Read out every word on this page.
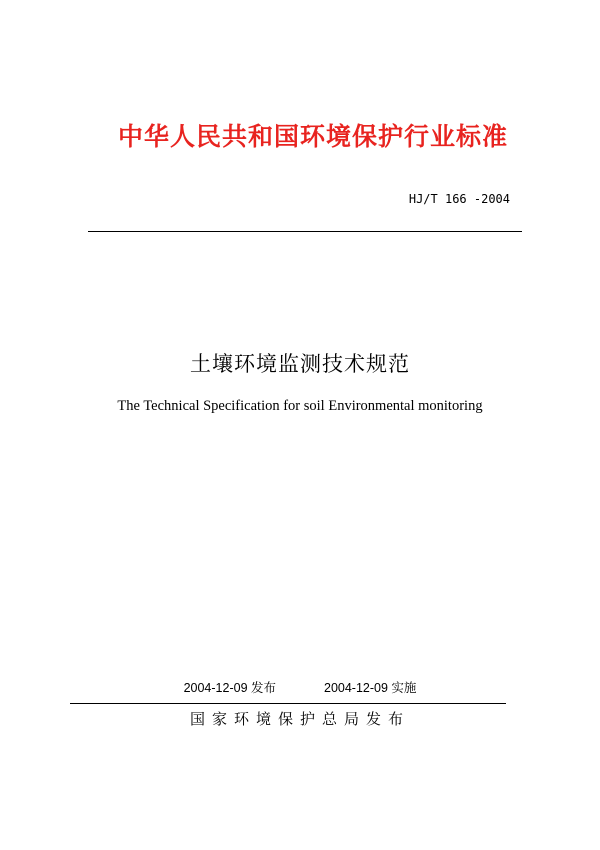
中华人民共和国环境保护行业标准
HJ/T 166 -2004
土壤环境监测技术规范
The Technical Specification for soil Environmental monitoring
2004-12-09 发布	2004-12-09 实施
国家环境保护总局发布
